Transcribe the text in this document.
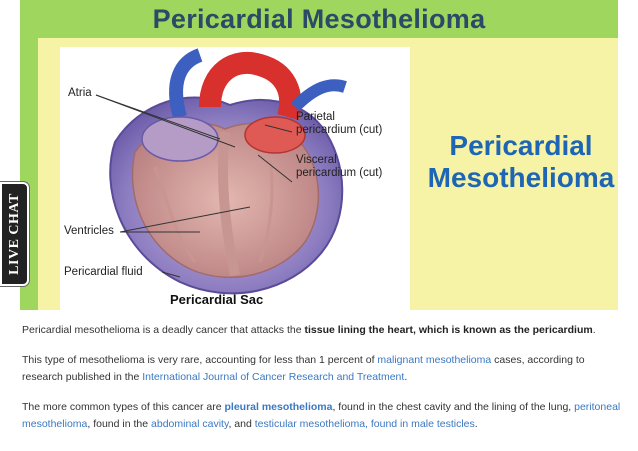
Pericardial Mesothelioma
Atria
Parietal
pericardium (cut)
Visceral
pericardium (cut)
Ventricles
Pericardial fluid
Pericardial Sac
Pericardial
Mesothelioma
LIVE CHAT

Pericardial mesothelioma is a deadly cancer that attacks the tissue lining the heart, which is known as the pericardium.

This type of mesothelioma is very rare, accounting for less than 1 percent of malignant mesothelioma cases, according to research published in the International Journal of Cancer Research and Treatment.

The more common types of this cancer are pleural mesothelioma, found in the chest cavity and the lining of the lung, peritoneal mesothelioma, found in the abdominal cavity, and testicular mesothelioma, found in male testicles.
